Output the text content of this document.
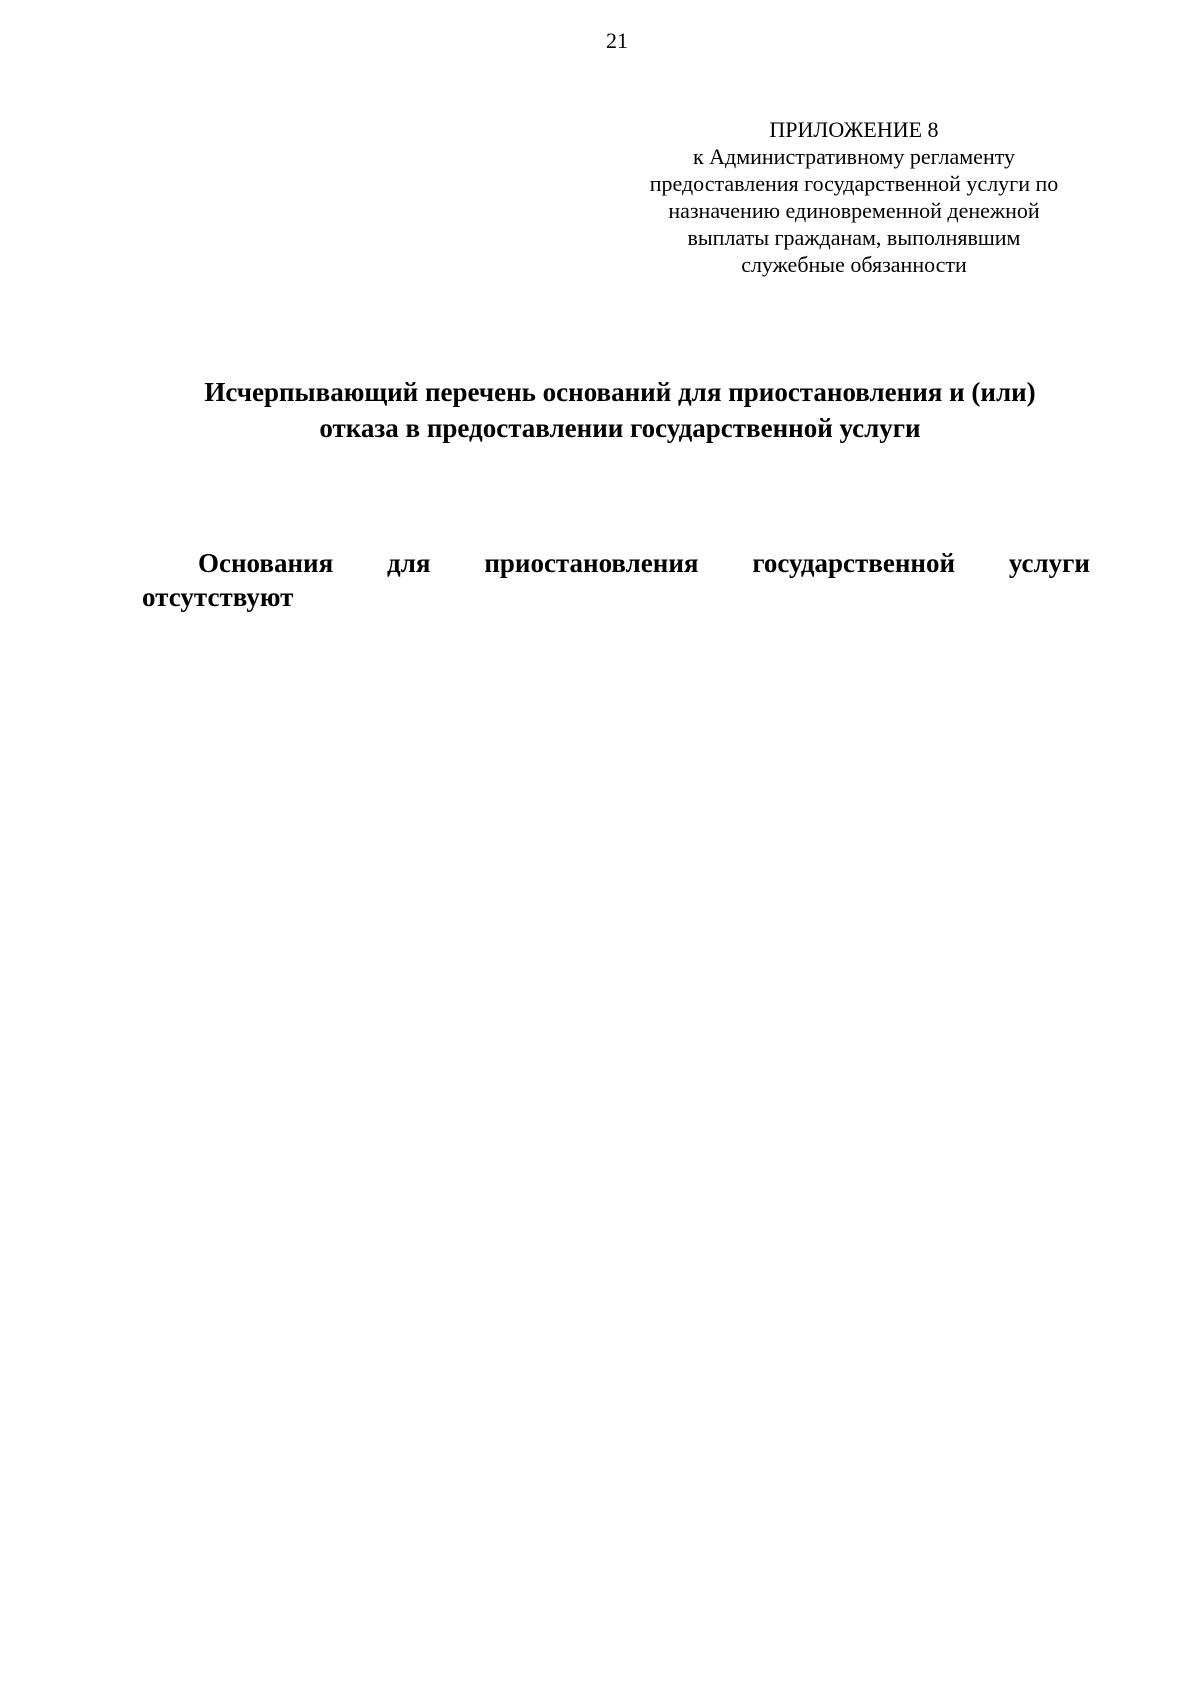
21
ПРИЛОЖЕНИЕ 8
к Административному регламенту
предоставления государственной услуги по
назначению единовременной денежной
выплаты гражданам, выполнявшим
служебные обязанности
Исчерпывающий перечень оснований для приостановления и (или)
отказа в предоставлении государственной услуги
Основания для приостановления государственной услуги
отсутствуют
